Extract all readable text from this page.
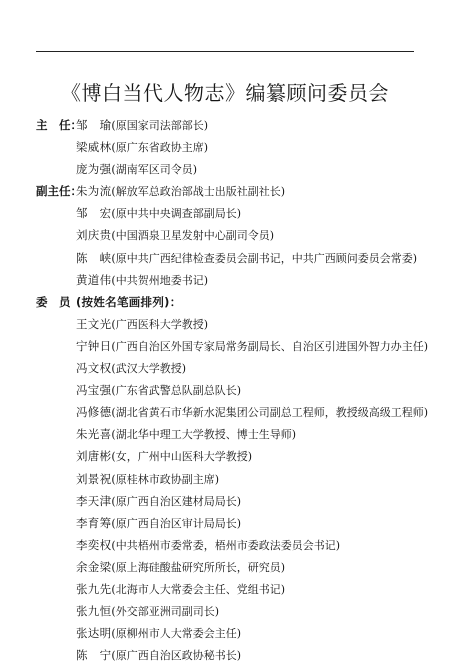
《博白当代人物志》编纂顾问委员会
主　任：
邹　瑜(原国家司法部部长)
梁威林(原广东省政协主席)
庞为强(湖南军区司令员)
副主任：
朱为流(解放军总政治部战士出版社副社长)
邹　宏(原中共中央调查部副局长)
刘庆贵(中国酒泉卫星发射中心副司令员)
陈　峡(原中共广西纪律检查委员会副书记，中共广西顾问委员会常委)
黄道伟(中共贺州地委书记)
委　员 (按姓名笔画排列)：
王文光(广西医科大学教授)
宁钟日(广西自治区外国专家局常务副局长、自治区引进国外智力办主任)
冯文权(武汉大学教授)
冯宝强(广东省武警总队副总队长)
冯修德(湖北省黄石市华新水泥集团公司副总工程师，教授级高级工程师)
朱光喜(湖北华中理工大学教授、博士生导师)
刘唐彬(女，广州中山医科大学教授)
刘景祝(原桂林市政协副主席)
李天津(原广西自治区建材局局长)
李育筹(原广西自治区审计局局长)
李奕权(中共梧州市委常委，梧州市委政法委员会书记)
余金梁(原上海硅酸盐研究所所长，研究员)
张九先(北海市人大常委会主任、党组书记)
张九恒(外交部亚洲司副司长)
张达明(原柳州市人大常委会主任)
陈　宁(原广西自治区政协秘书长)
